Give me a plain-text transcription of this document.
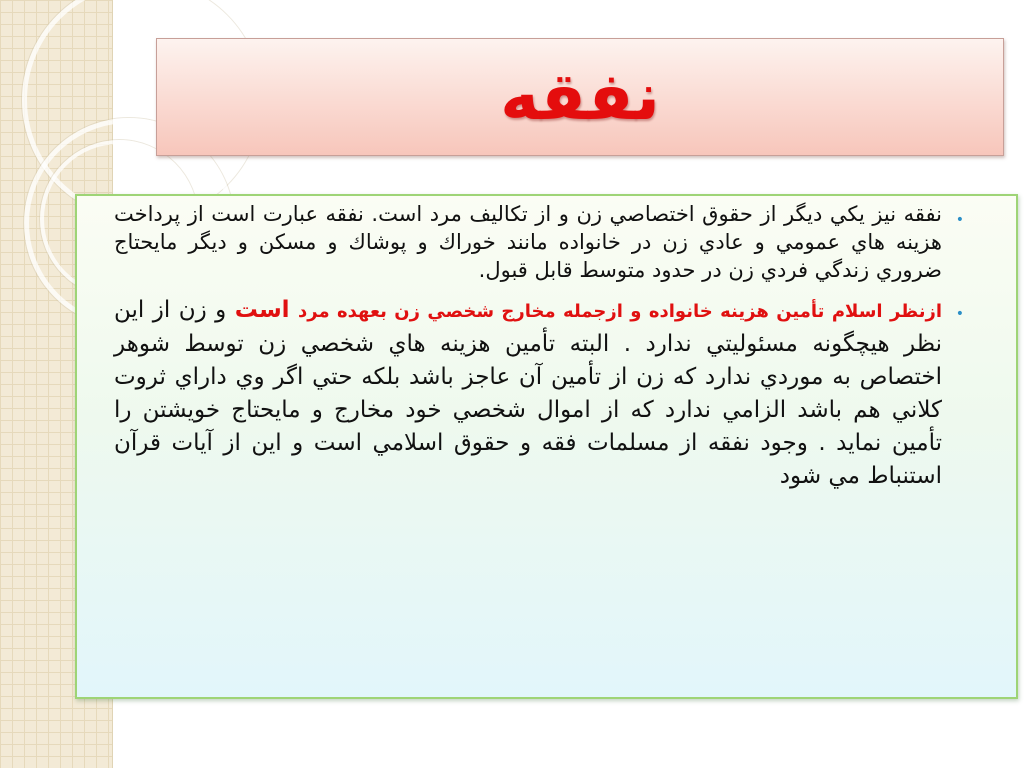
نفقه

•
نفقه نيز يكي ديگر از حقوق اختصاصي زن و از تكاليف مرد است. نفقه عبارت است از پرداخت هزينه هاي عمومي و عادي زن در خانواده مانند خوراك و پوشاك و مسكن و ديگر مايحتاج ضروري زندگي فردي زن در حدود متوسط قابل قبول.

•
ازنظر اسلام تأمين هزينه خانواده و ازجمله مخارج شخصي زن بعهده مرد است و زن از اين نظر هيچگونه مسئوليتي ندارد . البته تأمين هزينه هاي شخصي زن توسط شوهر اختصاص به موردي ندارد كه زن از تأمين آن عاجز باشد بلكه حتي اگر وي داراي ثروت كلاني هم باشد الزامي ندارد كه از اموال شخصي خود مخارج و مايحتاج خويشتن را تأمين نمايد . وجود نفقه از مسلمات فقه و حقوق اسلامي است و اين از آيات قرآن استنباط مي شود
